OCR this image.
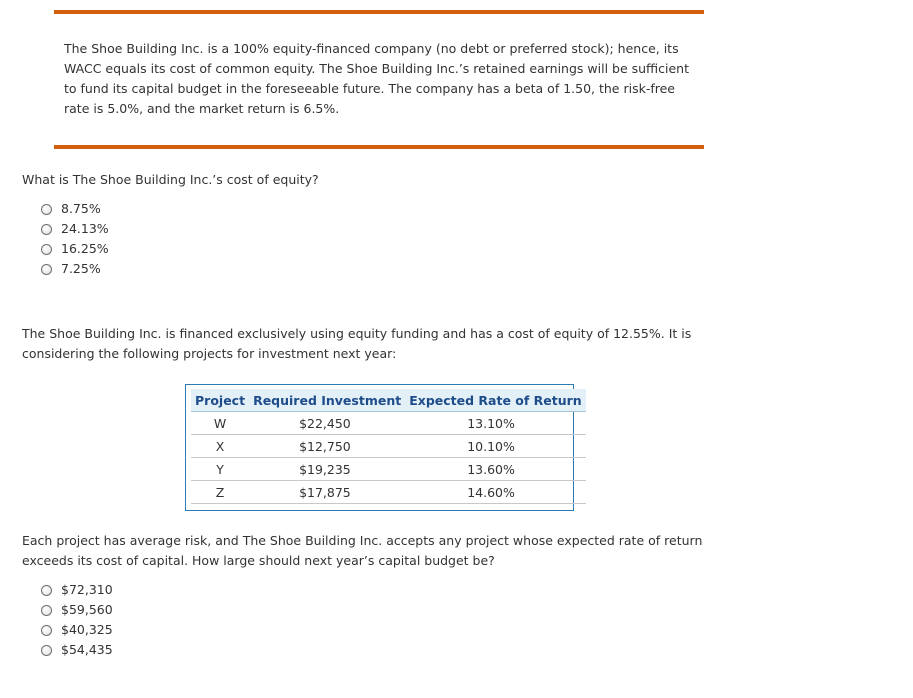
The Shoe Building Inc. is a 100% equity-financed company (no debt or preferred stock); hence, its WACC equals its cost of common equity. The Shoe Building Inc.’s retained earnings will be sufficient to fund its capital budget in the foreseeable future. The company has a beta of 1.50, the risk-free rate is 5.0%, and the market return is 6.5%.
What is The Shoe Building Inc.’s cost of equity?
8.75%
24.13%
16.25%
7.25%
The Shoe Building Inc. is financed exclusively using equity funding and has a cost of equity of 12.55%. It is considering the following projects for investment next year:
Project	Required Investment	Expected Rate of Return
W	$22,450	13.10%
X	$12,750	10.10%
Y	$19,235	13.60%
Z	$17,875	14.60%
Each project has average risk, and The Shoe Building Inc. accepts any project whose expected rate of return exceeds its cost of capital. How large should next year’s capital budget be?
$72,310
$59,560
$40,325
$54,435
